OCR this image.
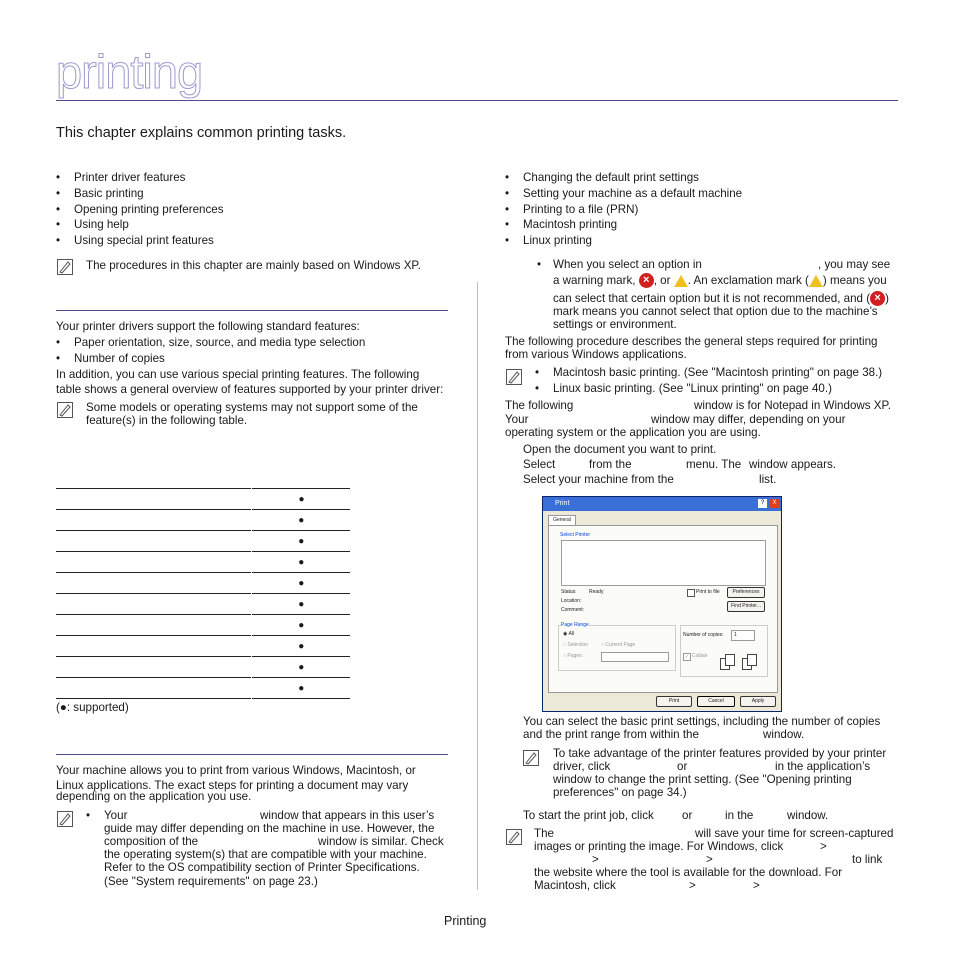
printing
This chapter explains common printing tasks.
• Printer driver features
• Basic printing
• Opening printing preferences
• Using help
• Using special print features
• Changing the default print settings
• Setting your machine as a default machine
• Printing to a file (PRN)
• Macintosh printing
• Linux printing
The procedures in this chapter are mainly based on Windows XP.
Your printer drivers support the following standard features:
• Paper orientation, size, source, and media type selection
• Number of copies
In addition, you can use various special printing features. The following
table shows a general overview of features supported by your printer driver:
Some models or operating systems may not support some of the
feature(s) in the following table.

	●
	●
	●
	●
	●
	●
	●
	●
	●
	●
(●: supported)
Your machine allows you to print from various Windows, Macintosh, or
Linux applications. The exact steps for printing a document may vary
depending on the application you use.
• Your	window that appears in this user’s
guide may differ depending on the machine in use. However, the
composition of the	window is similar. Check
the operating system(s) that are compatible with your machine.
Refer to the OS compatibility section of Printer Specifications.
(See "System requirements" on page 23.)
• When you select an option in	, you may see
a warning mark, × , or . An exclamation mark ( ) means you
can select that certain option but it is not recommended, and ( × )
mark means you cannot select that option due to the machine’s
settings or environment.
The following procedure describes the general steps required for printing
from various Windows applications.
• Macintosh basic printing. (See "Macintosh printing" on page 38.)
• Linux basic printing. (See "Linux printing" on page 40.)
The following	window is for Notepad in Windows XP.
Your	window may differ, depending on your
operating system or the application you are using.
Open the document you want to print.
Select	from the	menu. The window appears.
Select your machine from the	list.
Print	?	X
General
Select Printer
Status: Ready
Location:
Comment:
Print to file	Preferences
Find Printer...
Page Range
◉ All
○ Selection	○ Current Page
○ Pages:
Number of copies:	1
✓ Collate
Print	Cancel	Apply
You can select the basic print settings, including the number of copies
and the print range from within the	window.
To take advantage of the printer features provided by your printer
driver, click	or	in the application’s
window to change the print setting. (See "Opening printing
preferences" on page 34.)
To start the print job, click or	in the	window.
The	will save your time for screen-captured
images or printing the image. For Windows, click	>
>	>	to link
the website where the tool is available for the download. For
Macintosh, click	>	>
Printing
